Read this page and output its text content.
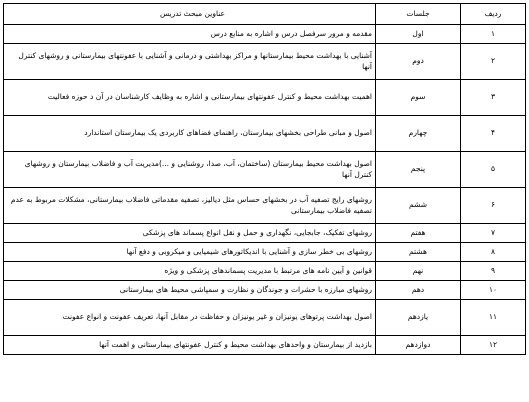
ردیف	جلسات	عناوین مبحث تدریس
۱	اول	مقدمه و مرور سرفصل درس و اشاره به منابع درس
۲	دوم	آشنایی با بهداشت محیط بیمارستانها و مراکز بهداشتی و درمانی و آشنایی با عفونتهای بیمارستانی و روشهای کنترل آنها
۳	سوم	اهمیت بهداشت محیط و کنترل عفونتهای بیمارستانی و اشاره به وظایف کارشناسان در آن د حوزه فعالیت
۴	چهارم	اصول و مبانی طراحی بخشهای بیمارستان، راهنمای فضاهای کاربردی یک بیمارستان استاندارد
۵	پنجم	اصول بهداشت محیط بیمارستان (ساختمان، آب، صدا، روشنایی و ...)مدیریت آب و فاضلاب بیمارستان و روشهای کنترل آنها
۶	ششم	روشهای رایج تصفیه‌ آب در بخشهای حساس مثل دیالیز، تصفیه مقدماتی فاضلاب بیمارستانی، مشکلات مربوط به عدم تصفیه فاضلاب بیمارستانی
۷	هفتم	روشهای تفکیک، جابجایی، نگهداری و حمل و نقل انواع پسماند های پزشکی
۸	هشتم	روشهای بی خطر سازی و آشنایی با اندیکاتورهای شیمیایی و میکروبی و دفع آنها
۹	نهم	قوانین و آیین نامه های مرتبط با مدیریت پسماندهای پزشکی و ویژه
۱۰	دهم	روشهای مبارزه با حشرات و جوندگان و نظارت و سمپاشی محیط های بیمارستانی
۱۱	یازدهم	اصول بهداشت پرتوهای یونیزان و غیر یونیزان و حفاظت در مقابل آنها، تعریف عفونت و انواع عفونت
۱۲	دوازدهم	بازدید از بیمارستان و واحدهای بهداشت محیط و کنترل عفونتهای بیمارستانی و اهمت آنها
